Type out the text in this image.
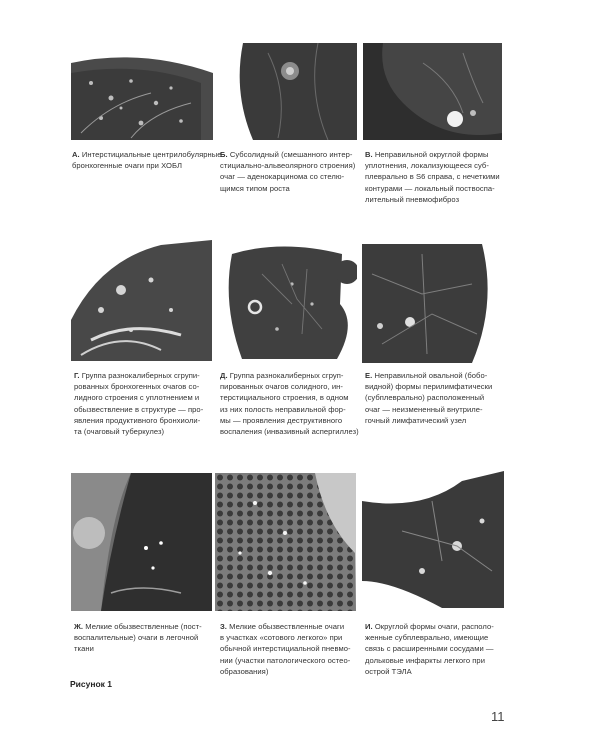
А. Интерстициальные центрилобулярные
бронхогенные очаги при ХОБЛ
Б. Субсолидный (смешанного интер-
стициально-альвеолярного строения)
очаг — аденокарцинома со стелю-
щимся типом роста
В. Неправильной округлой формы
уплотнения, локализующееся суб-
плеврально в S6 справа, с нечеткими
контурами — локальный поствоспа-
лительный пневмофиброз
Г. Группа разнокалиберных сгрупи-
рованных бронхогенных очагов со-
лидного строения с уплотнением и
обызвествление в структуре — про-
явления продуктивного бронхиоли-
та (очаговый туберкулез)
Д. Группа разнокалиберных сгруп-
пированных очагов солидного, ин-
терстициального строения, в одном
из них полость неправильной фор-
мы — проявления деструктивного
воспаления (инвазивный аспергиллез)
Е. Неправильной овальной (бобо-
видной) формы перилимфатически
(субплеврально) расположенный
очаг — неизмененный внутриле-
гочный лимфатический узел
Ж. Мелкие обызвествленные (пост-
воспалительные) очаги в легочной
ткани
З. Мелкие обызвествленные очаги
в участках «сотового легкого» при
обычной интерстициальной пневмо-
нии (участки патологического остео-
образования)
И. Округлой формы очаги, располо-
женные субплеврально, имеющие
связь с расширенными сосудами —
дольковые инфаркты легкого при
острой ТЭЛА
Рисунок 1
11
